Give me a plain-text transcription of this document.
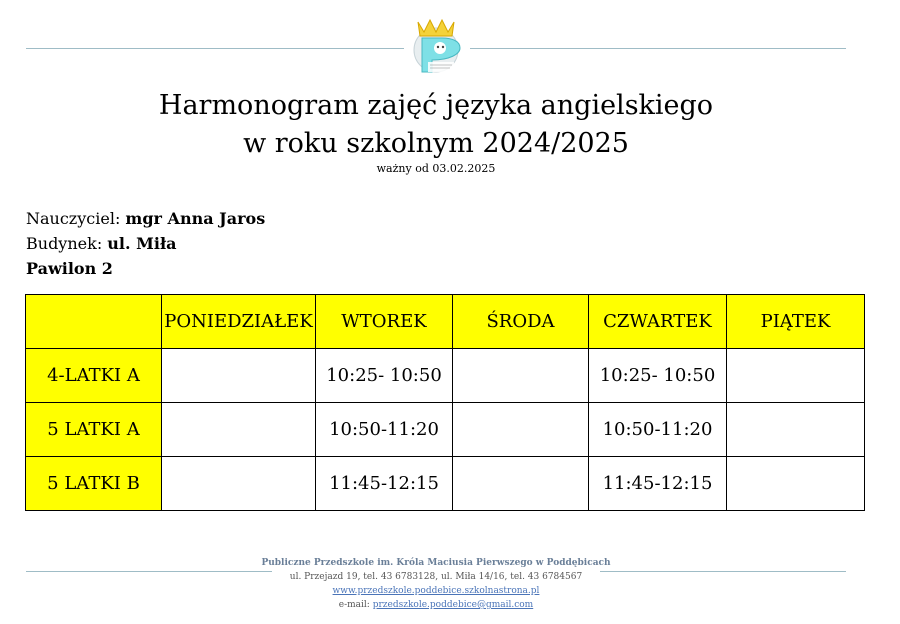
Harmonogram zajęć języka angielskiego
w roku szkolnym 2024/2025
ważny od 03.02.2025
Nauczyciel: mgr Anna Jaros
Budynek: ul. Miła
Pawilon 2
	PONIEDZIAŁEK	WTOREK	ŚRODA	CZWARTEK	PIĄTEK
4-LATKI A		10:25- 10:50		10:25- 10:50	
5 LATKI A		10:50-11:20		10:50-11:20	
5 LATKI B		11:45-12:15		11:45-12:15	
Publiczne Przedszkole im. Króla Maciusia Pierwszego w Poddębicach
ul. Przejazd 19, tel. 43 6783128, ul. Miła 14/16, tel. 43 6784567
www.przedszkole.poddebice.szkolnastrona.pl
e-mail: przedszkole.poddebice@gmail.com
